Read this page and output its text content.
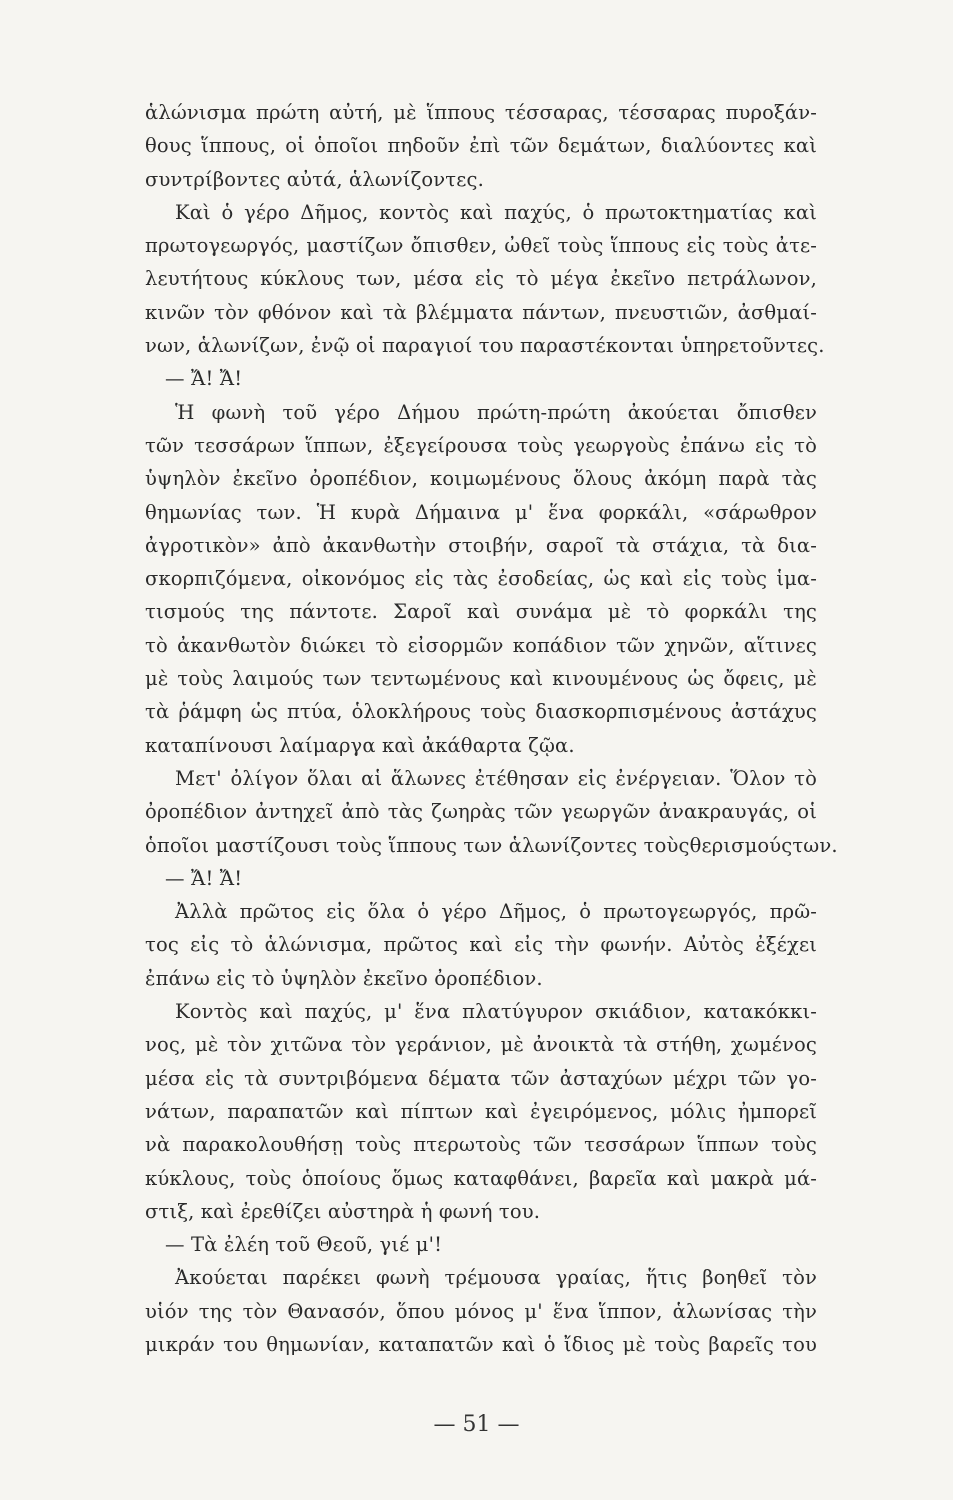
ἁλώνισμα πρώτη αὐτή, μὲ ἵππους τέσσαρας, τέσσαρας πυροξάν-
θους ἵππους, οἱ ὁποῖοι πηδοῦν ἐπὶ τῶν δεμάτων, διαλύοντες καὶ
συντρίβοντες αὐτά, ἁλωνίζοντες.
Καὶ ὁ γέρο Δῆμος, κοντὸς καὶ παχύς, ὁ πρωτοκτηματίας καὶ
πρωτογεωργός, μαστίζων ὄπισθεν, ὠθεῖ τοὺς ἵππους εἰς τοὺς ἀτε-
λευτήτους κύκλους των, μέσα εἰς τὸ μέγα ἐκεῖνο πετράλωνον,
κινῶν τὸν φθόνον καὶ τὰ βλέμματα πάντων, πνευστιῶν, ἀσθμαί-
νων, ἁλωνίζων, ἐνῷ οἱ παραγιοί του παραστέκονται ὑπηρετοῦντες.
— Ἄ! Ἄ!
Ἡ φωνὴ τοῦ γέρο Δήμου πρώτη-πρώτη ἀκούεται ὄπισθεν
τῶν τεσσάρων ἵππων, ἐξεγείρουσα τοὺς γεωργοὺς ἐπάνω εἰς τὸ
ὑψηλὸν ἐκεῖνο ὀροπέδιον, κοιμωμένους ὅλους ἀκόμη παρὰ τὰς
θημωνίας των. Ἡ κυρὰ Δήμαινα μ' ἕνα φορκάλι, «σάρωθρον
ἀγροτικὸν» ἀπὸ ἀκανθωτὴν στοιβήν, σαροῖ τὰ στάχια, τὰ δια-
σκορπιζόμενα, οἰκονόμος εἰς τὰς ἐσοδείας, ὡς καὶ εἰς τοὺς ἱμα-
τισμούς της πάντοτε. Σαροῖ καὶ συνάμα μὲ τὸ φορκάλι της
τὸ ἀκανθωτὸν διώκει τὸ εἰσορμῶν κοπάδιον τῶν χηνῶν, αἵτινες
μὲ τοὺς λαιμούς των τεντωμένους καὶ κινουμένους ὡς ὄφεις, μὲ
τὰ ῥάμφη ὡς πτύα, ὁλοκλήρους τοὺς διασκορπισμένους ἀστάχυς
καταπίνουσι λαίμαργα καὶ ἀκάθαρτα ζῷα.
Μετ' ὀλίγον ὅλαι αἱ ἅλωνες ἐτέθησαν εἰς ἐνέργειαν. Ὅλον τὸ
ὀροπέδιον ἀντηχεῖ ἀπὸ τὰς ζωηρὰς τῶν γεωργῶν ἀνακραυγάς, οἱ
ὁποῖοι μαστίζουσι τοὺς ἵππους των ἁλωνίζοντες τοὺςθερισμούςτων.
— Ἄ! Ἄ!
Ἀλλὰ πρῶτος εἰς ὅλα ὁ γέρο Δῆμος, ὁ πρωτογεωργός, πρῶ-
τος εἰς τὸ ἁλώνισμα, πρῶτος καὶ εἰς τὴν φωνήν. Αὐτὸς ἐξέχει
ἐπάνω εἰς τὸ ὑψηλὸν ἐκεῖνο ὀροπέδιον.
Κοντὸς καὶ παχύς, μ' ἕνα πλατύγυρον σκιάδιον, κατακόκκι-
νος, μὲ τὸν χιτῶνα τὸν γεράνιον, μὲ ἀνοικτὰ τὰ στήθη, χωμένος
μέσα εἰς τὰ συντριβόμενα δέματα τῶν ἀσταχύων μέχρι τῶν γο-
νάτων, παραπατῶν καὶ πίπτων καὶ ἐγειρόμενος, μόλις ἠμπορεῖ
νὰ παρακολουθήσῃ τοὺς πτερωτοὺς τῶν τεσσάρων ἵππων τοὺς
κύκλους, τοὺς ὁποίους ὅμως καταφθάνει, βαρεῖα καὶ μακρὰ μά-
στιξ, καὶ ἐρεθίζει αὐστηρὰ ἡ φωνή του.
— Τὰ ἐλέη τοῦ Θεοῦ, γιέ μ'!
Ἀκούεται παρέκει φωνὴ τρέμουσα γραίας, ἥτις βοηθεῖ τὸν
υἱόν της τὸν Θανασόν, ὅπου μόνος μ' ἕνα ἵππον, ἁλωνίσας τὴν
μικράν του θημωνίαν, καταπατῶν καὶ ὁ ἴδιος μὲ τοὺς βαρεῖς του
— 51 —
